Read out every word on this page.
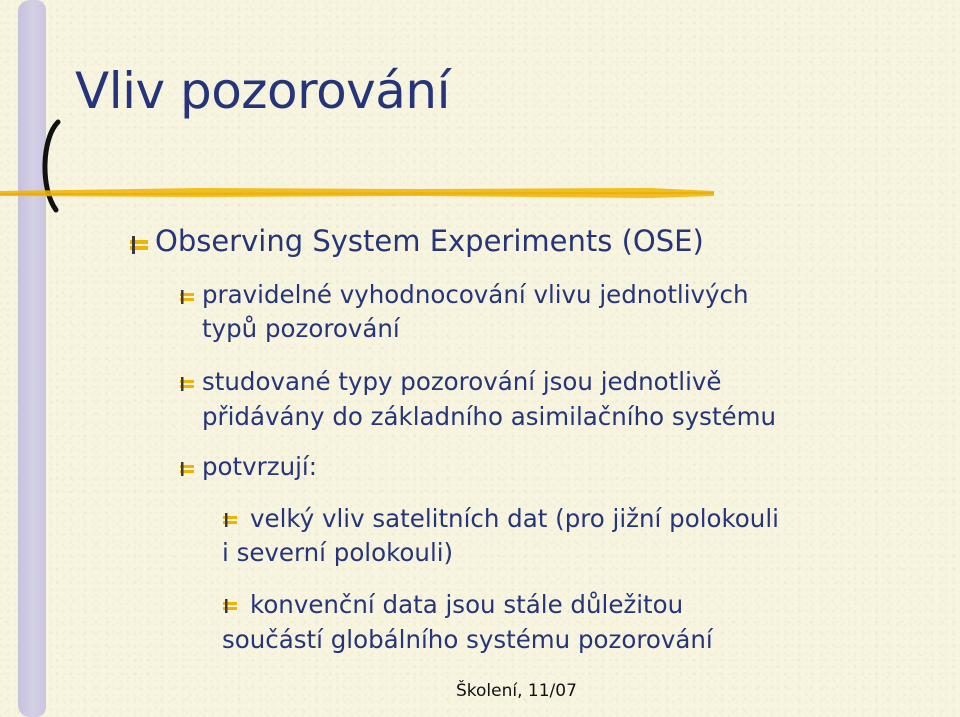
Vliv pozorování
Observing System Experiments (OSE)
pravidelné vyhodnocování vlivu jednotlivých
typů pozorování
studované typy pozorování jsou jednotlivě
přidávány do základního asimilačního systému
potvrzují:
velký vliv satelitních dat (pro jižní polokouli
i severní polokouli)
konvenční data jsou stále důležitou
součástí globálního systému pozorování
Školení, 11/07
